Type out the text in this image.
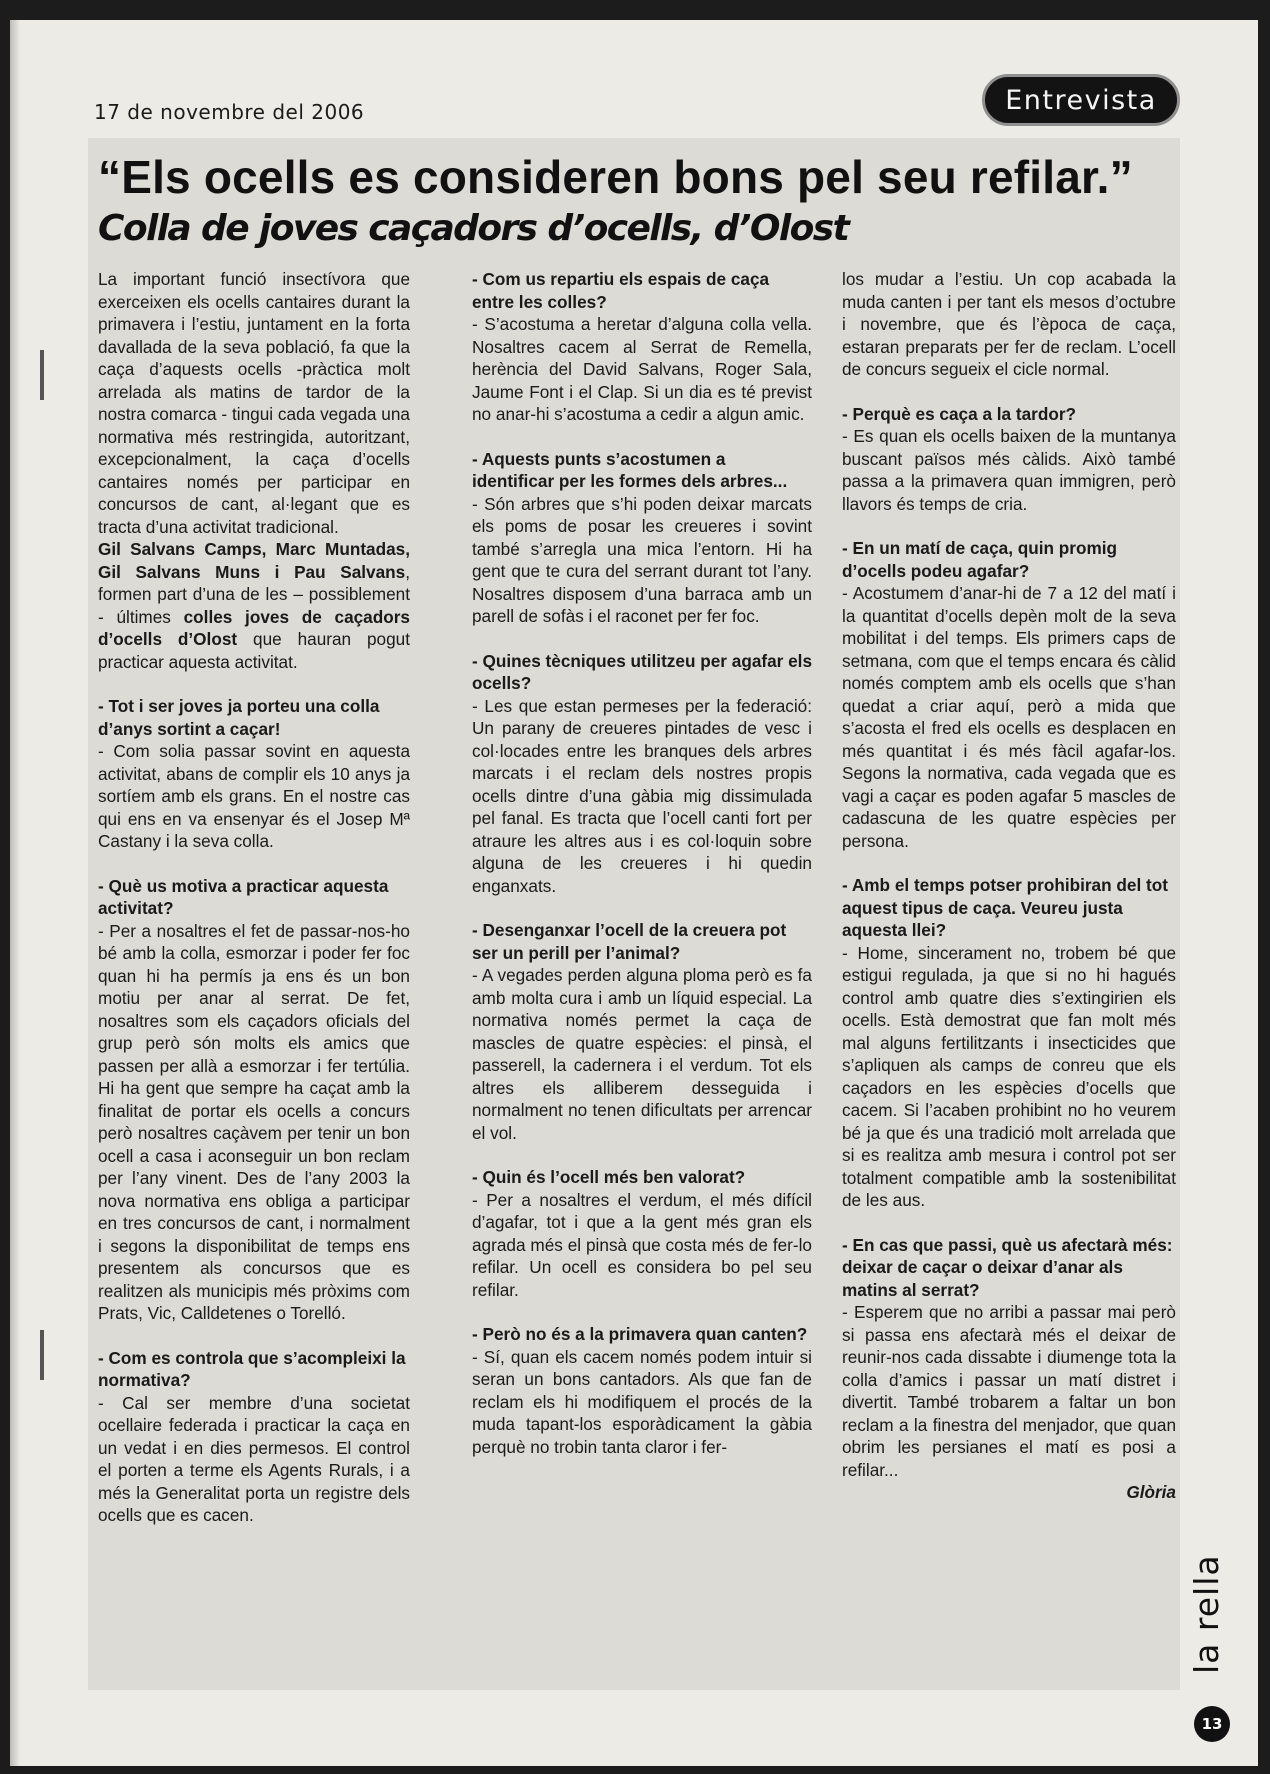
17 de novembre del 2006	Entrevista
“Els ocells es consideren bons pel seu refilar.”
Colla de joves caçadors d’ocells, d’Olost

La important funció insectívora que exerceixen els ocells cantaires durant la primavera i l’estiu, juntament en la forta davallada de la seva població, fa que la caça d’aquests ocells -pràctica molt arrelada als matins de tardor de la nostra comarca - tingui cada vegada una normativa més restringida, autoritzant, excepcionalment, la caça d’ocells cantaires només per participar en concursos de cant, al·legant que es tracta d’una activitat tradicional.

Gil Salvans Camps, Marc Muntadas, Gil Salvans Muns i Pau Salvans, formen part d’una de les – possiblement - últimes colles joves de caçadors d’ocells d’Olost que hauran pogut practicar aquesta activitat.

- Tot i ser joves ja porteu una colla d’anys sortint a caçar!

- Com solia passar sovint en aquesta activitat, abans de complir els 10 anys ja sortíem amb els grans. En el nostre cas qui ens en va ensenyar és el Josep Mª Castany i la seva colla.

- Què us motiva a practicar aquesta activitat?

- Per a nosaltres el fet de passar-nos-ho bé amb la colla, esmorzar i poder fer foc quan hi ha permís ja ens és un bon motiu per anar al serrat. De fet, nosaltres som els caçadors oficials del grup però són molts els amics que passen per allà a esmorzar i fer tertúlia. Hi ha gent que sempre ha caçat amb la finalitat de portar els ocells a concurs però nosaltres caçàvem per tenir un bon ocell a casa i aconseguir un bon reclam per l’any vinent. Des de l’any 2003 la nova normativa ens obliga a participar en tres concursos de cant, i normalment i segons la disponibilitat de temps ens presentem als concursos que es realitzen als municipis més pròxims com Prats, Vic, Calldetenes o Torelló.

- Com es controla que s’acompleixi la normativa?

- Cal ser membre d’una societat ocellaire federada i practicar la caça en un vedat i en dies permesos. El control el porten a terme els Agents Rurals, i a més la Generalitat porta un registre dels ocells que es cacen.

- Com us repartiu els espais de caça entre les colles?

- S’acostuma a heretar d’alguna colla vella. Nosaltres cacem al Serrat de Remella, herència del David Salvans, Roger Sala, Jaume Font i el Clap. Si un dia es té previst no anar-hi s’acostuma a cedir a algun amic.

- Aquests punts s’acostumen a identificar per les formes dels arbres...

- Són arbres que s’hi poden deixar marcats els poms de posar les creueres i sovint també s’arregla una mica l’entorn. Hi ha gent que te cura del serrant durant tot l’any. Nosaltres disposem d’una barraca amb un parell de sofàs i el raconet per fer foc.

- Quines tècniques utilitzeu per agafar els ocells?

- Les que estan permeses per la federació: Un parany de creueres pintades de vesc i col·locades entre les branques dels arbres marcats i el reclam dels nostres propis ocells dintre d’una gàbia mig dissimulada pel fanal. Es tracta que l’ocell canti fort per atraure les altres aus i es col·loquin sobre alguna de les creueres i hi quedin enganxats.

- Desenganxar l’ocell de la creuera pot ser un perill per l’animal?

- A vegades perden alguna ploma però es fa amb molta cura i amb un líquid especial. La normativa només permet la caça de mascles de quatre espècies: el pinsà, el passerell, la cadernera i el verdum. Tot els altres els alliberem desseguida i normalment no tenen dificultats per arrencar el vol.

- Quin és l’ocell més ben valorat?

- Per a nosaltres el verdum, el més difícil d’agafar, tot i que a la gent més gran els agrada més el pinsà que costa més de fer-lo refilar. Un ocell es considera bo pel seu refilar.

- Però no és a la primavera quan canten?

- Sí, quan els cacem només podem intuir si seran un bons cantadors. Als que fan de reclam els hi modifiquem el procés de la muda tapant-los esporàdicament la gàbia perquè no trobin tanta claror i fer-

los mudar a l’estiu. Un cop acabada la muda canten i per tant els mesos d’octubre i novembre, que és l’època de caça, estaran preparats per fer de reclam. L’ocell de concurs segueix el cicle normal.

- Perquè es caça a la tardor?

- Es quan els ocells baixen de la muntanya buscant països més càlids. Això també passa a la primavera quan immigren, però llavors és temps de cria.

- En un matí de caça, quin promig d’ocells podeu agafar?

- Acostumem d’anar-hi de 7 a 12 del matí i la quantitat d’ocells depèn molt de la seva mobilitat i del temps. Els primers caps de setmana, com que el temps encara és càlid només comptem amb els ocells que s’han quedat a criar aquí, però a mida que s’acosta el fred els ocells es desplacen en més quantitat i és més fàcil agafar-los. Segons la normativa, cada vegada que es vagi a caçar es poden agafar 5 mascles de cadascuna de les quatre espècies per persona.

- Amb el temps potser prohibiran del tot aquest tipus de caça. Veureu justa aquesta llei?

- Home, sincerament no, trobem bé que estigui regulada, ja que si no hi hagués control amb quatre dies s’extingirien els ocells. Està demostrat que fan molt més mal alguns fertilitzants i insecticides que s’apliquen als camps de conreu que els caçadors en les espècies d’ocells que cacem. Si l’acaben prohibint no ho veurem bé ja que és una tradició molt arrelada que si es realitza amb mesura i control pot ser totalment compatible amb la sostenibilitat de les aus.

- En cas que passi, què us afectarà més: deixar de caçar o deixar d’anar als matins al serrat?

- Esperem que no arribi a passar mai però si passa ens afectarà més el deixar de reunir-nos cada dissabte i diumenge tota la colla d’amics i passar un matí distret i divertit. També trobarem a faltar un bon reclam a la finestra del menjador, que quan obrim les persianes el matí es posi a refilar...

Glòria

la rella
13
